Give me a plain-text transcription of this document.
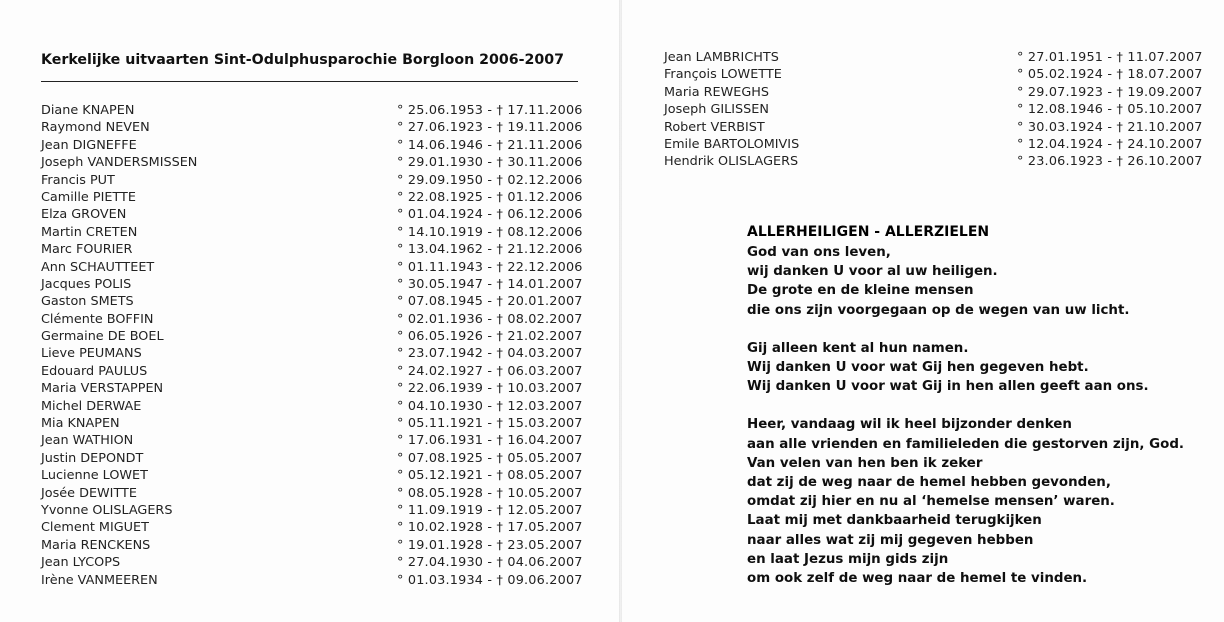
Kerkelijke uitvaarten Sint-Odulphusparochie Borgloon 2006-2007
Diane KNAPEN	° 25.06.1953 - † 17.11.2006
Raymond NEVEN	° 27.06.1923 - † 19.11.2006
Jean DIGNEFFE	° 14.06.1946 - † 21.11.2006
Joseph VANDERSMISSEN	° 29.01.1930 - † 30.11.2006
Francis PUT	° 29.09.1950 - † 02.12.2006
Camille PIETTE	° 22.08.1925 - † 01.12.2006
Elza GROVEN	° 01.04.1924 - † 06.12.2006
Martin CRETEN	° 14.10.1919 - † 08.12.2006
Marc FOURIER	° 13.04.1962 - † 21.12.2006
Ann SCHAUTTEET	° 01.11.1943 - † 22.12.2006
Jacques POLIS	° 30.05.1947 - † 14.01.2007
Gaston SMETS	° 07.08.1945 - † 20.01.2007
Clémente BOFFIN	° 02.01.1936 - † 08.02.2007
Germaine DE BOEL	° 06.05.1926 - † 21.02.2007
Lieve PEUMANS	° 23.07.1942 - † 04.03.2007
Edouard PAULUS	° 24.02.1927 - † 06.03.2007
Maria VERSTAPPEN	° 22.06.1939 - † 10.03.2007
Michel DERWAE	° 04.10.1930 - † 12.03.2007
Mia KNAPEN	° 05.11.1921 - † 15.03.2007
Jean WATHION	° 17.06.1931 - † 16.04.2007
Justin DEPONDT	° 07.08.1925 - † 05.05.2007
Lucienne LOWET	° 05.12.1921 - † 08.05.2007
Josée DEWITTE	° 08.05.1928 - † 10.05.2007
Yvonne OLISLAGERS	° 11.09.1919 - † 12.05.2007
Clement MIGUET	° 10.02.1928 - † 17.05.2007
Maria RENCKENS	° 19.01.1928 - † 23.05.2007
Jean LYCOPS	° 27.04.1930 - † 04.06.2007
Irène VANMEEREN	° 01.03.1934 - † 09.06.2007
Jean LAMBRICHTS	° 27.01.1951 - † 11.07.2007
François LOWETTE	° 05.02.1924 - † 18.07.2007
Maria REWEGHS	° 29.07.1923 - † 19.09.2007
Joseph GILISSEN	° 12.08.1946 - † 05.10.2007
Robert VERBIST	° 30.03.1924 - † 21.10.2007
Emile BARTOLOMIVIS	° 12.04.1924 - † 24.10.2007
Hendrik OLISLAGERS	° 23.06.1923 - † 26.10.2007
ALLERHEILIGEN - ALLERZIELEN
God van ons leven,
wij danken U voor al uw heiligen.
De grote en de kleine mensen
die ons zijn voorgegaan op de wegen van uw licht.
Gij alleen kent al hun namen.
Wij danken U voor wat Gij hen gegeven hebt.
Wij danken U voor wat Gij in hen allen geeft aan ons.
Heer, vandaag wil ik heel bijzonder denken
aan alle vrienden en familieleden die gestorven zijn, God.
Van velen van hen ben ik zeker
dat zij de weg naar de hemel hebben gevonden,
omdat zij hier en nu al ‘hemelse mensen’ waren.
Laat mij met dankbaarheid terugkijken
naar alles wat zij mij gegeven hebben
en laat Jezus mijn gids zijn
om ook zelf de weg naar de hemel te vinden.
